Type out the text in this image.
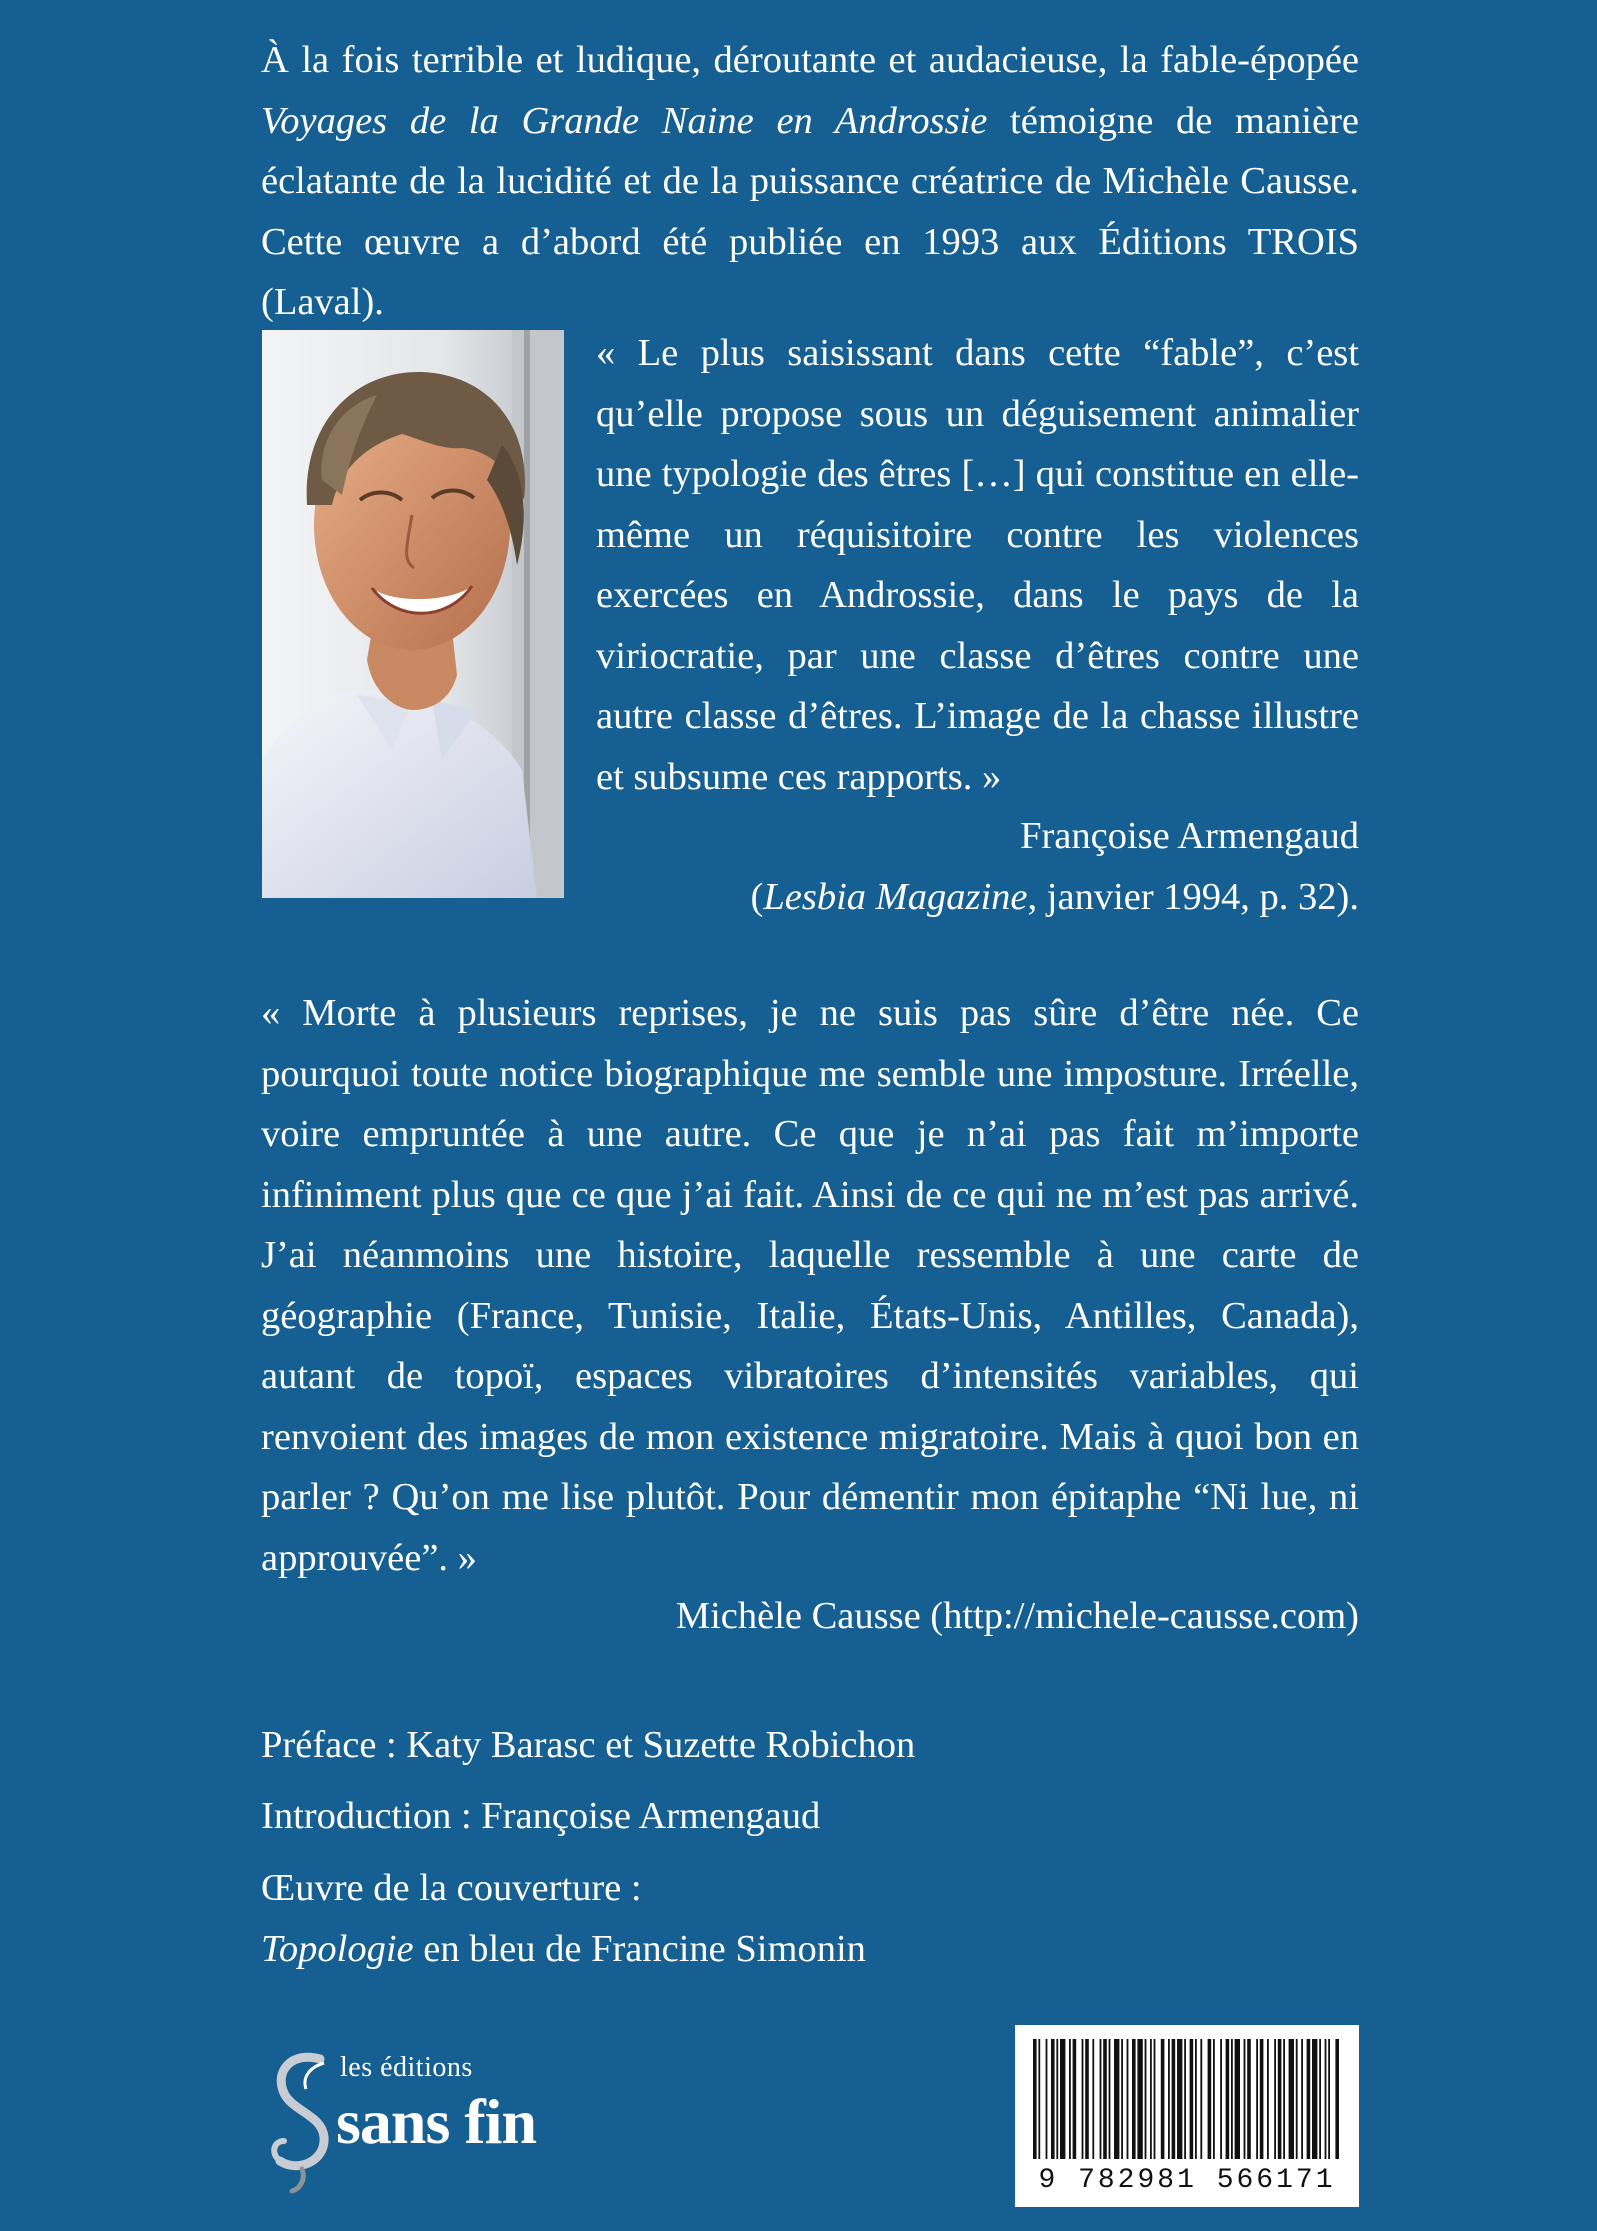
À la fois terrible et ludique, déroutante et audacieuse, la fable-épopée Voyages de la Grande Naine en Androssie témoigne de manière éclatante de la lucidité et de la puissance créatrice de Michèle Causse. Cette œuvre a d’abord été publiée en 1993 aux Éditions TROIS (Laval).

« Le plus saisissant dans cette “fable”, c’est qu’elle propose sous un déguisement animalier une typologie des êtres […] qui constitue en elle-même un réquisitoire contre les violences exercées en Androssie, dans le pays de la viriocratie, par une classe d’êtres contre une autre classe d’êtres. L’image de la chasse illustre et subsume ces rapports. »

Françoise Armengaud
(Lesbia Magazine, janvier 1994, p. 32).

« Morte à plusieurs reprises, je ne suis pas sûre d’être née. Ce pourquoi toute notice biographique me semble une imposture. Irréelle, voire empruntée à une autre. Ce que je n’ai pas fait m’importe infiniment plus que ce que j’ai fait. Ainsi de ce qui ne m’est pas arrivé. J’ai néanmoins une histoire, laquelle ressemble à une carte de géographie (France, Tunisie, Italie, États-Unis, Antilles, Canada), autant de topoï, espaces vibratoires d’intensités variables, qui renvoient des images de mon existence migratoire. Mais à quoi bon en parler ? Qu’on me lise plutôt. Pour démentir mon épitaphe “Ni lue, ni approuvée”. »

Michèle Causse (http://michele-causse.com)
Préface : Katy Barasc et Suzette Robichon
Introduction : Françoise Armengaud
Œuvre de la couverture :
Topologie en bleu de Francine Simonin
les éditions
sans fin
9 782981 566171
